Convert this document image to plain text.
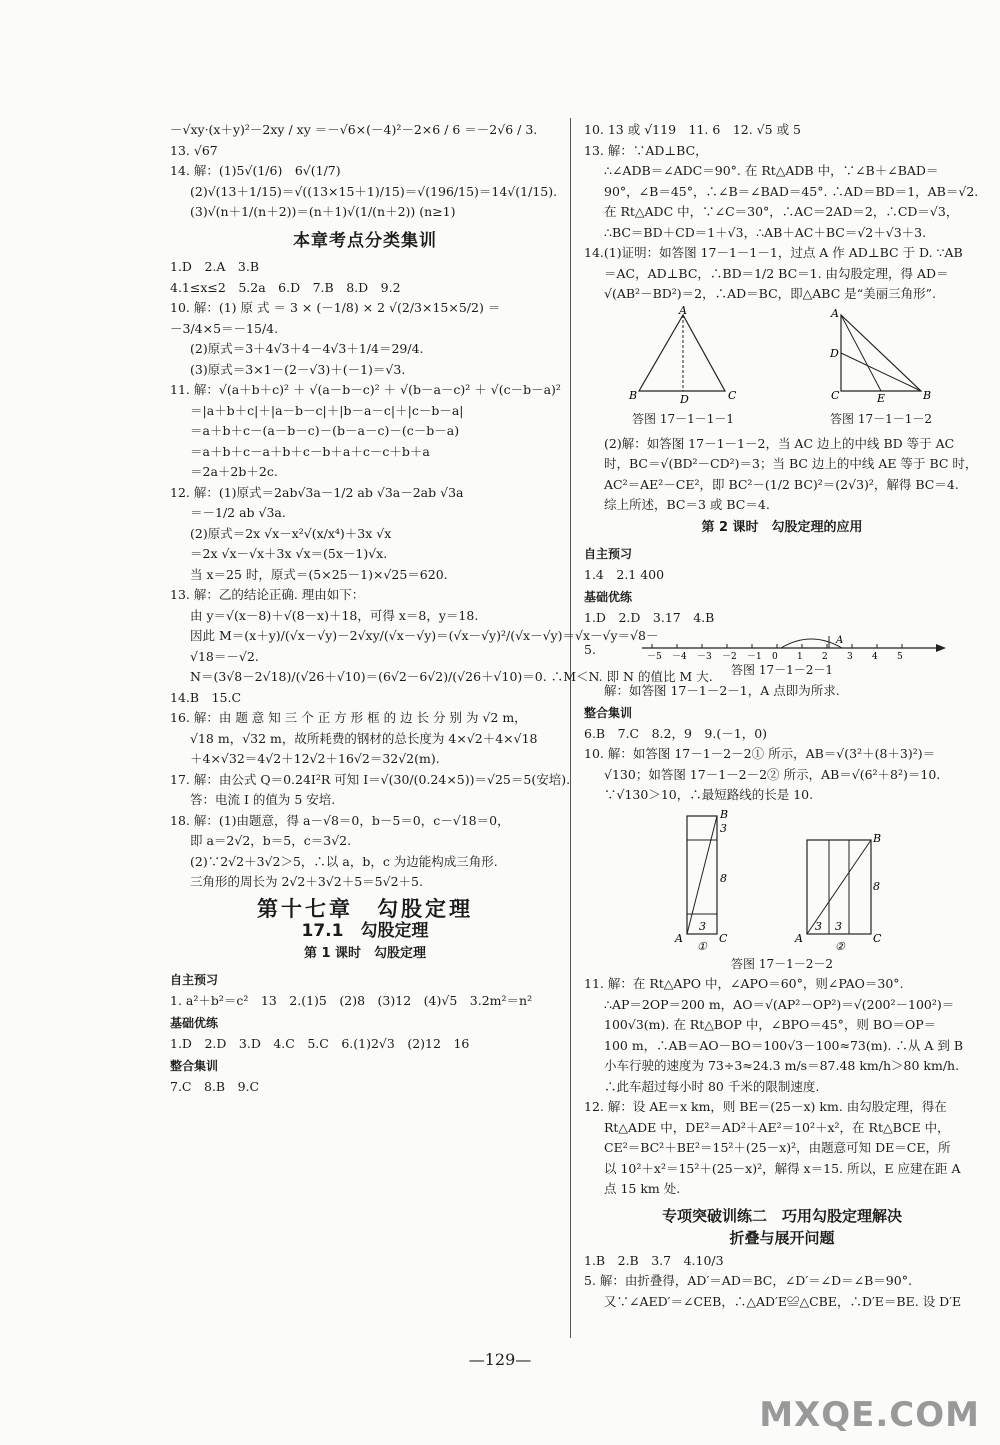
－√xy·(x＋y)²－2xy / xy ＝－√6×(－4)²－2×6 / 6 ＝－2√6 / 3.
13. √67
14. 解：(1)5√(1/6)　6√(1/7)
(2)√(13＋1/15)＝√((13×15＋1)/15)＝√(196/15)＝14√(1/15).
(3)√(n＋1/(n＋2))＝(n＋1)√(1/(n＋2)) (n≥1)
本章考点分类集训
1.D　2.A　3.B
4.1≤x≤2　5.2a　6.D　7.B　8.D　9.2
10. 解：(1) 原 式 ＝ 3 × (－1/8) × 2 √(2/3×15×5/2) ＝
－3/4×5＝－15/4.
(2)原式＝3＋4√3＋4－4√3＋1/4＝29/4.
(3)原式＝3×1－(2－√3)＋(－1)＝√3.
11. 解：√(a＋b＋c)² ＋ √(a－b－c)² ＋ √(b－a－c)² ＋ √(c－b－a)²
＝|a＋b＋c|＋|a－b－c|＋|b－a－c|＋|c－b－a|
＝a＋b＋c－(a－b－c)－(b－a－c)－(c－b－a)
＝a＋b＋c－a＋b＋c－b＋a＋c－c＋b＋a
＝2a＋2b＋2c.
12. 解：(1)原式＝2ab√3a－1/2 ab √3a－2ab √3a
＝－1/2 ab √3a.
(2)原式＝2x √x－x²√(x/x⁴)＋3x √x
＝2x √x－√x＋3x √x＝(5x－1)√x.
当 x＝25 时，原式＝(5×25－1)×√25＝620.
13. 解：乙的结论正确. 理由如下：
由 y＝√(x－8)＋√(8－x)＋18，可得 x＝8，y＝18.
因此 M＝(x＋y)/(√x－√y)－2√xy/(√x－√y)＝(√x－√y)²/(√x－√y)＝√x－√y＝√8－
√18＝－√2.
N＝(3√8－2√18)/(√26＋√10)＝(6√2－6√2)/(√26＋√10)＝0. ∴M＜N. 即 N 的值比 M 大.
14.B　15.C
16. 解：由 题 意 知 三 个 正 方 形 框 的 边 长 分 别 为 √2 m，
√18 m，√32 m，故所耗费的钢材的总长度为 4×√2＋4×√18
＋4×√32＝4√2＋12√2＋16√2＝32√2(m).
17. 解：由公式 Q＝0.24I²R 可知 I＝√(30/(0.24×5))＝√25＝5(安培).
答：电流 I 的值为 5 安培.
18. 解：(1)由题意，得 a－√8＝0，b－5＝0，c－√18＝0，
即 a＝2√2，b＝5，c＝3√2.
(2)∵2√2＋3√2＞5，∴以 a，b，c 为边能构成三角形.
三角形的周长为 2√2＋3√2＋5＝5√2＋5.
第十七章　勾股定理
17.1　勾股定理
第 1 课时　勾股定理
自主预习
1. a²＋b²＝c²　13　2.(1)5　(2)8　(3)12　(4)√5　3.2m²＝n²
基础优练
1.D　2.D　3.D　4.C　5.C　6.(1)2√3　(2)12　16
整合集训
7.C　8.B　9.C
10. 13 或 √119　11. 6　12. √5 或 5
13. 解：∵AD⊥BC，
∴∠ADB＝∠ADC＝90°. 在 Rt△ADB 中，∵∠B＋∠BAD＝
90°，∠B＝45°，∴∠B＝∠BAD＝45°. ∴AD＝BD＝1，AB＝√2.
在 Rt△ADC 中，∵∠C＝30°，∴AC＝2AD＝2，∴CD＝√3，
∴BC＝BD＋CD＝1＋√3，∴AB＋AC＋BC＝√2＋√3＋3.
14.(1)证明：如答图 17－1－1－1，过点 A 作 AD⊥BC 于 D. ∵AB
＝AC，AD⊥BC，∴BD＝1/2 BC＝1. 由勾股定理，得 AD＝
√(AB²－BD²)＝2，∴AD＝BC，即△ABC 是“美丽三角形”.
A
B	D	C
答图 17－1－1－1
A
D
C	E	B
答图 17－1－1－2
(2)解：如答图 17－1－1－2，当 AC 边上的中线 BD 等于 AC
时，BC＝√(BD²－CD²)＝3；当 BC 边上的中线 AE 等于 BC 时，
AC²＝AE²－CE²，即 BC²－(1/2 BC)²＝(2√3)²，解得 BC＝4.
综上所述，BC＝3 或 BC＝4.
第 2 课时　勾股定理的应用
自主预习
1.4　2.1 400
基础优练
1.D　2.D　3.17　4.B
5.
－5 －4 －3 －2 －1 0 1 2 3 4 5
A
答图 17－1－2－1
解：如答图 17－1－2－1，A 点即为所求.
整合集训
6.B　7.C　8.2，9　9.(－1，0)
10. 解：如答图 17－1－2－2① 所示，AB＝√(3²＋(8＋3)²)＝
√130；如答图 17－1－2－2② 所示，AB＝√(6²＋8²)＝10.
∵√130＞10，∴最短路线的长是 10.
B
3
8
A
3
C
①
B
8
A
3 3
C
②
答图 17－1－2－2
11. 解：在 Rt△APO 中，∠APO＝60°，则∠PAO＝30°.
∴AP＝2OP＝200 m，AO＝√(AP²－OP²)＝√(200²－100²)＝
100√3(m). 在 Rt△BOP 中，∠BPO＝45°，则 BO＝OP＝
100 m，∴AB＝AO－BO＝100√3－100≈73(m). ∴从 A 到 B
小车行驶的速度为 73÷3≈24.3 m/s＝87.48 km/h＞80 km/h.
∴此车超过每小时 80 千米的限制速度.
12. 解：设 AE＝x km，则 BE＝(25－x) km. 由勾股定理，得在
Rt△ADE 中，DE²＝AD²＋AE²＝10²＋x²，在 Rt△BCE 中，
CE²＝BC²＋BE²＝15²＋(25－x)²，由题意可知 DE＝CE，所
以 10²＋x²＝15²＋(25－x)²，解得 x＝15. 所以，E 应建在距 A
点 15 km 处.
专项突破训练二　巧用勾股定理解决
折叠与展开问题
1.B　2.B　3.7　4.10/3
5. 解：由折叠得，AD′＝AD＝BC，∠D′＝∠D＝∠B＝90°.
又∵∠AED′＝∠CEB，∴△AD′E≌△CBE，∴D′E＝BE. 设 D′E
—129—
MXQE.COM
